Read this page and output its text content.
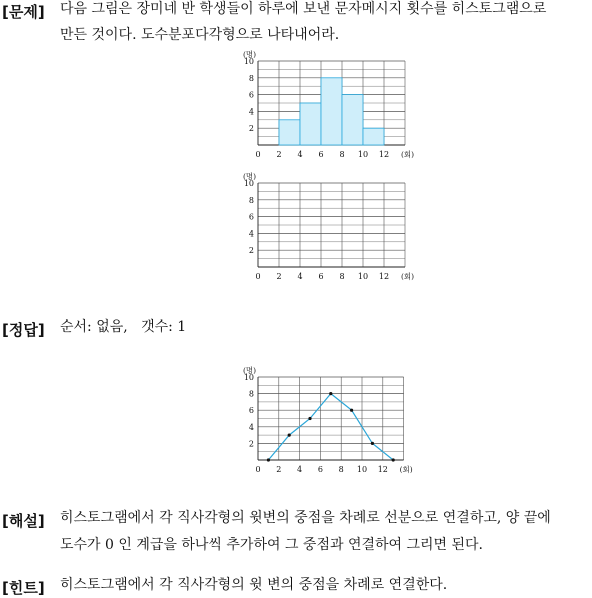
[문제] 다음 그림은 장미네 반 학생들이 하루에 보낸 문자메시지 횟수를 히스토그램으로
만든 것이다. 도수분포다각형으로 나타내어라.
0 2 4 6 8 10 12
2
4
6
8
10
(명)
(회)
0 2 4 6 8 10 12
2
4
6
8
10
(명)
(회)
[정답] 순서: 없음,   갯수: 1
0 2 4 6 8 10 12
2
4
6
8
10
(명)
(회)
[해설] 히스토그램에서 각 직사각형의 윗변의 중점을 차례로 선분으로 연결하고, 양 끝에
도수가 0 인 계급을 하나씩 추가하여 그 중점과 연결하여 그리면 된다.
[힌트] 히스토그램에서 각 직사각형의 윗 변의 중점을 차례로 연결한다.
